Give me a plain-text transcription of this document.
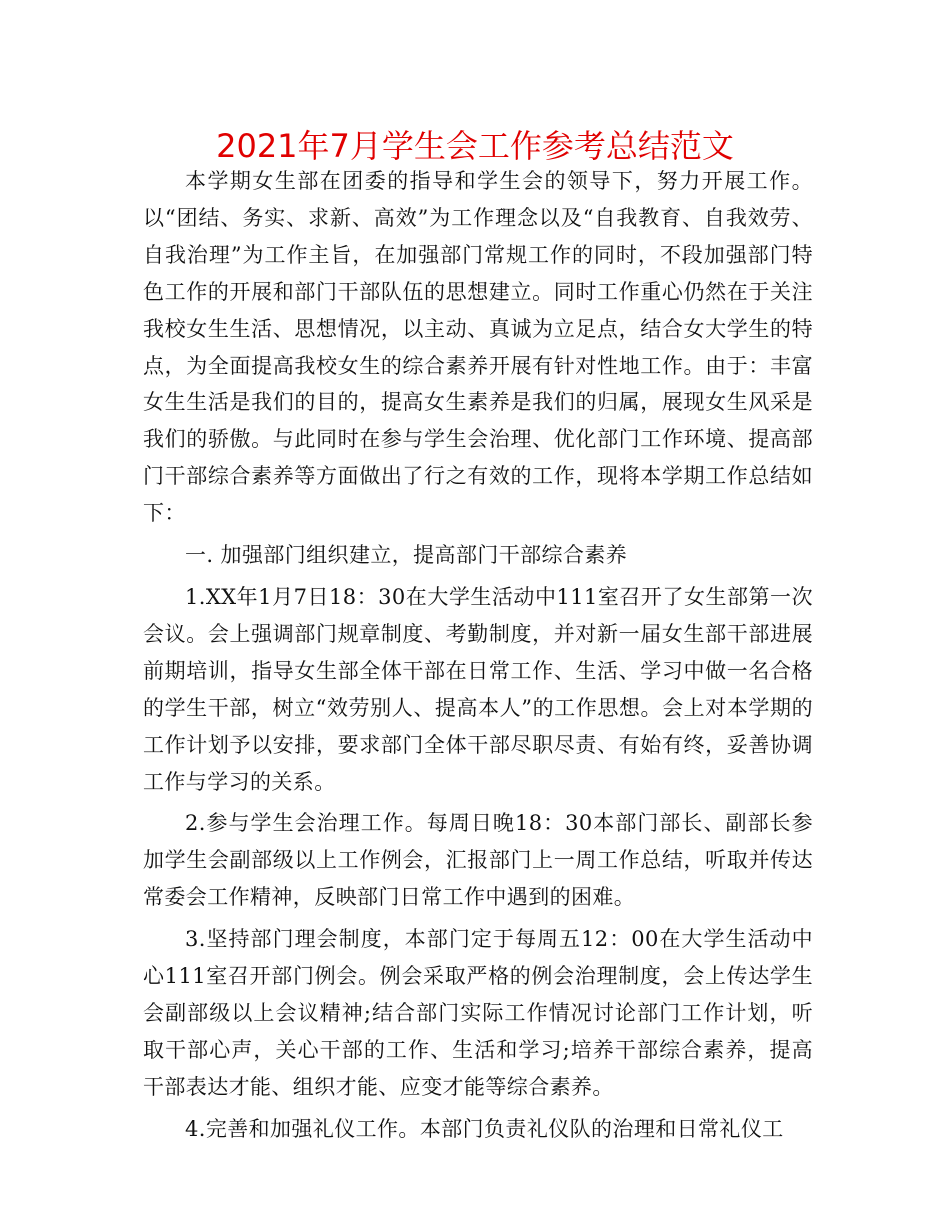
2021年7月学生会工作参考总结范文

本学期女生部在团委的指导和学生会的领导下，努力开展工作。以“团结、务实、求新、高效”为工作理念以及“自我教育、自我效劳、自我治理”为工作主旨，在加强部门常规工作的同时，不段加强部门特色工作的开展和部门干部队伍的思想建立。同时工作重心仍然在于关注我校女生生活、思想情况，以主动、真诚为立足点，结合女大学生的特点，为全面提高我校女生的综合素养开展有针对性地工作。由于：丰富女生生活是我们的目的，提高女生素养是我们的归属，展现女生风采是我们的骄傲。与此同时在参与学生会治理、优化部门工作环境、提高部门干部综合素养等方面做出了行之有效的工作，现将本学期工作总结如下：

一. 加强部门组织建立，提高部门干部综合素养

1.XX年1月7日18：30在大学生活动中111室召开了女生部第一次会议。会上强调部门规章制度、考勤制度，并对新一届女生部干部进展前期培训，指导女生部全体干部在日常工作、生活、学习中做一名合格的学生干部，树立“效劳别人、提高本人”的工作思想。会上对本学期的工作计划予以安排，要求部门全体干部尽职尽责、有始有终，妥善协调工作与学习的关系。

2.参与学生会治理工作。每周日晚18：30本部门部长、副部长参加学生会副部级以上工作例会，汇报部门上一周工作总结，听取并传达常委会工作精神，反映部门日常工作中遇到的困难。

3.坚持部门理会制度，本部门定于每周五12：00在大学生活动中心111室召开部门例会。例会采取严格的例会治理制度，会上传达学生会副部级以上会议精神;结合部门实际工作情况讨论部门工作计划，听取干部心声，关心干部的工作、生活和学习;培养干部综合素养，提高干部表达才能、组织才能、应变才能等综合素养。

4.完善和加强礼仪工作。本部门负责礼仪队的治理和日常礼仪工
